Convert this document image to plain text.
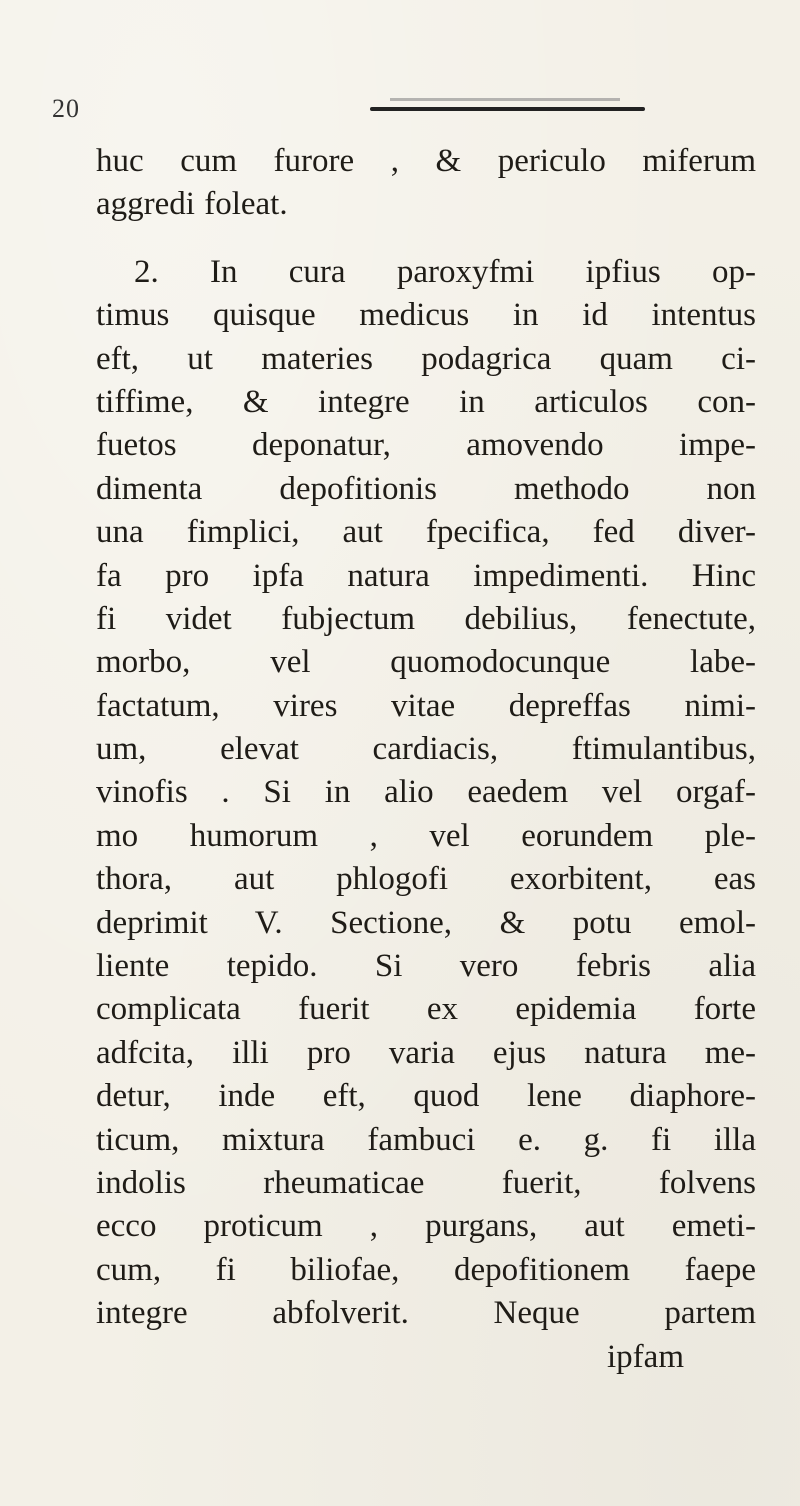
20
huc cum furore , & periculo miferum
aggredi foleat.
2. In cura paroxyfmi ipfius op-
timus quisque medicus in id intentus
eft, ut materies podagrica quam ci-
tiffime, & integre in articulos con-
fuetos deponatur, amovendo impe-
dimenta depofitionis methodo non
una fimplici, aut fpecifica, fed diver-
fa pro ipfa natura impedimenti. Hinc
fi videt fubjectum debilius, fenectute,
morbo, vel quomodocunque labe-
factatum, vires vitae depreffas nimi-
um, elevat cardiacis, ftimulantibus,
vinofis . Si in alio eaedem vel orgaf-
mo humorum , vel eorundem ple-
thora, aut phlogofi exorbitent, eas
deprimit V. Sectione, & potu emol-
liente tepido. Si vero febris alia
complicata fuerit ex epidemia forte
adfcita, illi pro varia ejus natura me-
detur, inde eft, quod lene diaphore-
ticum, mixtura fambuci e. g. fi illa
indolis rheumaticae fuerit, folvens
ecco proticum , purgans, aut emeti-
cum, fi biliofae, depofitionem faepe
integre abfolverit. Neque partem
ipfam
